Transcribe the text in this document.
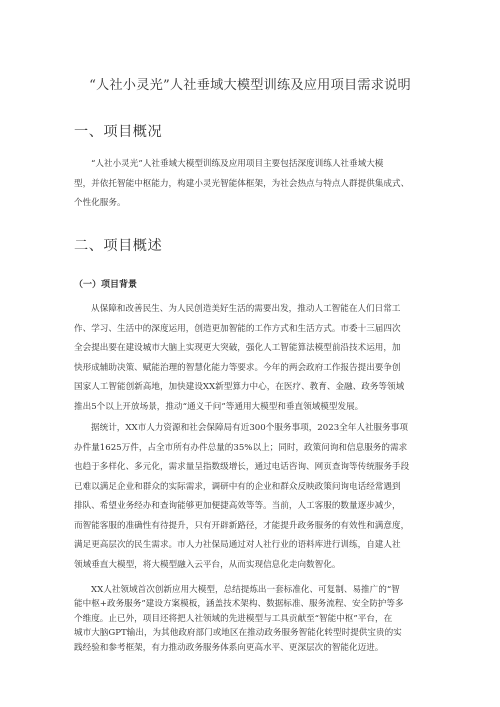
“人社小灵光”人社垂域大模型训练及应用项目需求说明
一、项目概况
“人社小灵光”人社垂域大模型训练及应用项目主要包括深度训练人社垂域大模
型，并依托智能中枢能力，构建小灵光智能体框架，为社会热点与特点人群提供集成式、
个性化服务。
二、项目概述
（一）项目背景
从保障和改善民生、为人民创造美好生活的需要出发，推动人工智能在人们日常工
作、学习、生活中的深度运用，创造更加智能的工作方式和生活方式。市委十三届四次
全会提出要在建设城市大脑上实现更大突破，强化人工智能算法模型前沿技术运用，加
快形成辅助决策、赋能治理的智慧化能力等要求。今年的两会政府工作报告提出要争创
国家人工智能创新高地，加快建设XX新型算力中心，在医疗、教育、金融、政务等领域
推出5个以上开放场景，推动“通义千问”等通用大模型和垂直领域模型发展。
据统计，XX市人力资源和社会保障局有近300个服务事项，2023全年人社服务事项
办件量1625万件，占全市所有办件总量的35%以上；同时，政策问询和信息服务的需求
也趋于多样化、多元化，需求量呈指数级增长，通过电话咨询、网页查询等传统服务手段
已难以满足企业和群众的实际需求，调研中有的企业和群众反映政策问询电话经常遇到
排队、希望业务经办和查询能够更加便捷高效等等。当前，人工客服的数量逐步减少，
而智能客服的准确性有待提升，只有开辟新路径，才能提升政务服务的有效性和满意度，
满足更高层次的民生需求。市人力社保局通过对人社行业的语料库进行训练，自建人社
领域垂直大模型，将大模型融入云平台，从而实现信息化走向数智化。
XX人社领域首次创新应用大模型，总结提炼出一套标准化、可复制、易推广的“智
能中枢+政务服务”建设方案模板，涵盖技术架构、数据标准、服务流程、安全防护等多
个维度。止已外，项目还将把人社领域的先进模型与工具贡献至“智能中枢”平台，在
城市大脑GPT输出，为其他政府部门或地区在推动政务服务智能化转型时提供宝贵的实
践经验和参考框架，有力推动政务服务体系向更高水平、更深层次的智能化迈进。
